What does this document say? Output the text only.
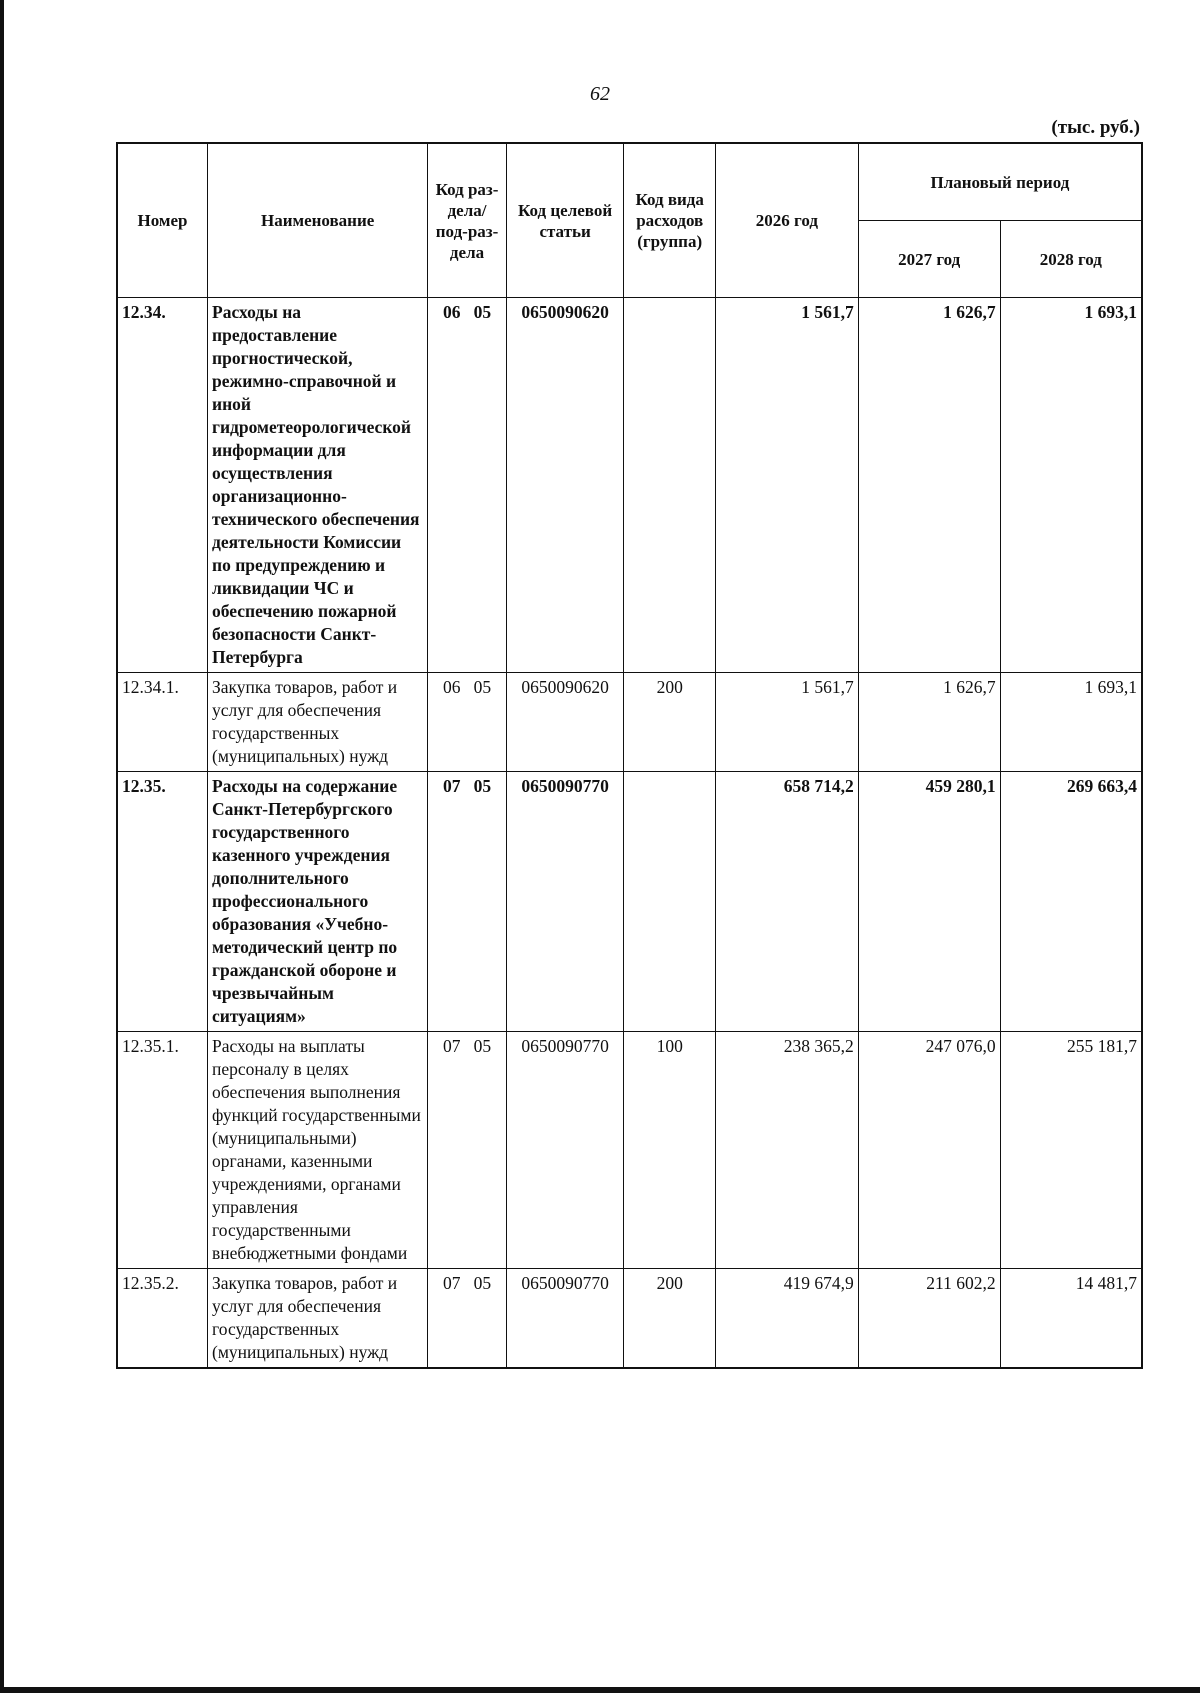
62
(тыс. руб.)
Номер	Наименование	Код раз-дела/ под-раз-дела	Код целевой статьи	Код вида расходов (группа)	2026 год	Плановый период	
						2027 год	2028 год
12.34.	Расходы на предоставление прогностической, режимно-справочной и иной гидрометеорологической информации для осуществления организационно-технического обеспечения деятельности Комиссии по предупреждению и ликвидации ЧС и обеспечению пожарной безопасности Санкт-Петербурга	06   05	0650090620		1 561,7	1 626,7	1 693,1
12.34.1.	Закупка товаров, работ и услуг для обеспечения государственных (муниципальных) нужд	06   05	0650090620	200	1 561,7	1 626,7	1 693,1
12.35.	Расходы на содержание Санкт-Петербургского государственного казенного учреждения дополнительного профессионального образования «Учебно-методический центр по гражданской обороне и чрезвычайным ситуациям»	07   05	0650090770		658 714,2	459 280,1	269 663,4
12.35.1.	Расходы на выплаты персоналу в целях обеспечения выполнения функций государственными (муниципальными) органами, казенными учреждениями, органами управления государственными внебюджетными фондами	07   05	0650090770	100	238 365,2	247 076,0	255 181,7
12.35.2.	Закупка товаров, работ и услуг для обеспечения государственных (муниципальных) нужд	07   05	0650090770	200	419 674,9	211 602,2	14 481,7
